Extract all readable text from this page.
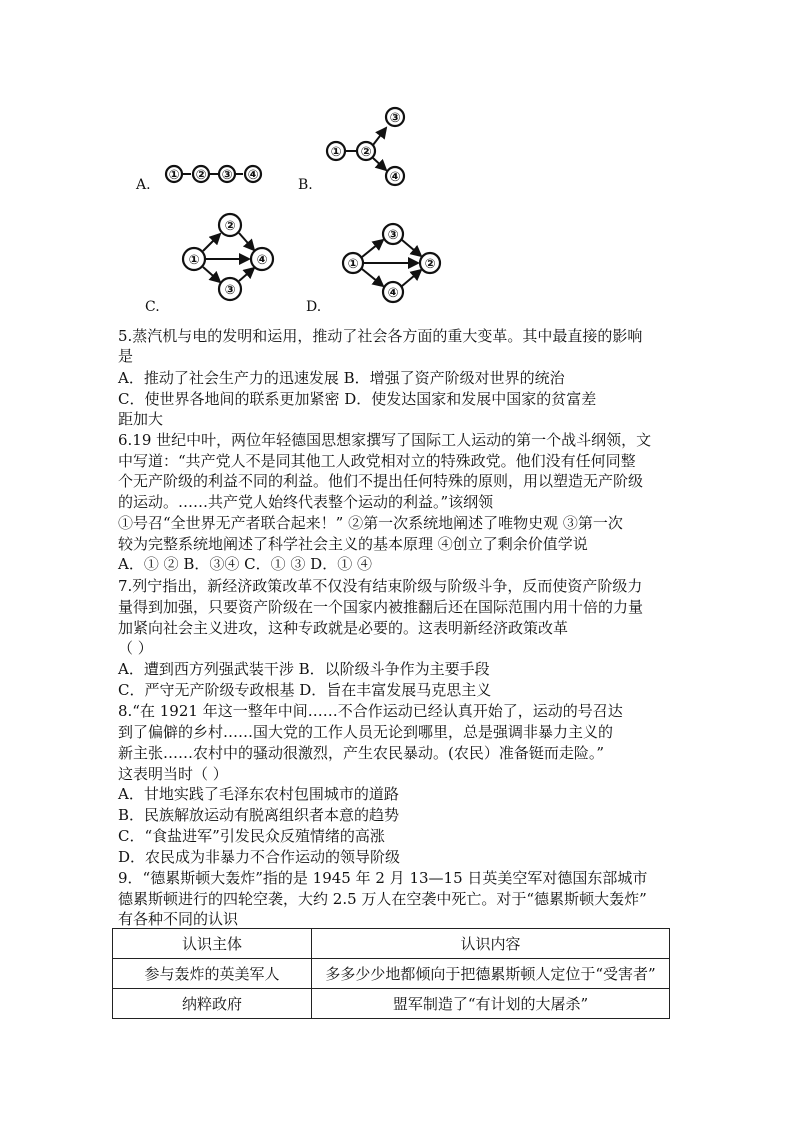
A.
① ② ③ ④
B.
① ②
③
④
C.
①
②
③
④
D.
①
③
④
②
5.蒸汽机与电的发明和运用，推动了社会各方面的重大变革。其中最直接的影响
是
A．推动了社会生产力的迅速发展 B．增强了资产阶级对世界的统治
C．使世界各地间的联系更加紧密 D．使发达国家和发展中国家的贫富差
距加大
6.19 世纪中叶，两位年轻德国思想家撰写了国际工人运动的第一个战斗纲领，文
中写道：“共产党人不是同其他工人政党相对立的特殊政党。他们没有任何同整
个无产阶级的利益不同的利益。他们不提出任何特殊的原则，用以塑造无产阶级
的运动。……共产党人始终代表整个运动的利益。”该纲领
①号召“全世界无产者联合起来！” ②第一次系统地阐述了唯物史观 ③第一次
较为完整系统地阐述了科学社会主义的基本原理 ④创立了剩余价值学说
A．① ② B．③④ C．① ③ D．① ④
7.列宁指出，新经济政策改革不仅没有结束阶级与阶级斗争，反而使资产阶级力
量得到加强，只要资产阶级在一个国家内被推翻后还在国际范围内用十倍的力量
加紧向社会主义进攻，这种专政就是必要的。这表明新经济政策改革
（ ）
A．遭到西方列强武装干涉 B．以阶级斗争作为主要手段
C．严守无产阶级专政根基 D．旨在丰富发展马克思主义
8.“在 1921 年这一整年中间……不合作运动已经认真开始了，运动的号召达
到了偏僻的乡村……国大党的工作人员无论到哪里，总是强调非暴力主义的
新主张……农村中的骚动很激烈，产生农民暴动。(农民）准备铤而走险。”
这表明当时（ ）
A．甘地实践了毛泽东农村包围城市的道路
B．民族解放运动有脱离组织者本意的趋势
C．“食盐进军”引发民众反殖情绪的高涨
D．农民成为非暴力不合作运动的领导阶级
9．“德累斯顿大轰炸”指的是 1945 年 2 月 13—15 日英美空军对德国东部城市
德累斯顿进行的四轮空袭，大约 2.5 万人在空袭中死亡。对于“德累斯顿大轰炸”
有各种不同的认识
认识主体	认识内容
参与轰炸的英美军人	多多少少地都倾向于把德累斯顿人定位于“受害者”
纳粹政府	盟军制造了“有计划的大屠杀”
